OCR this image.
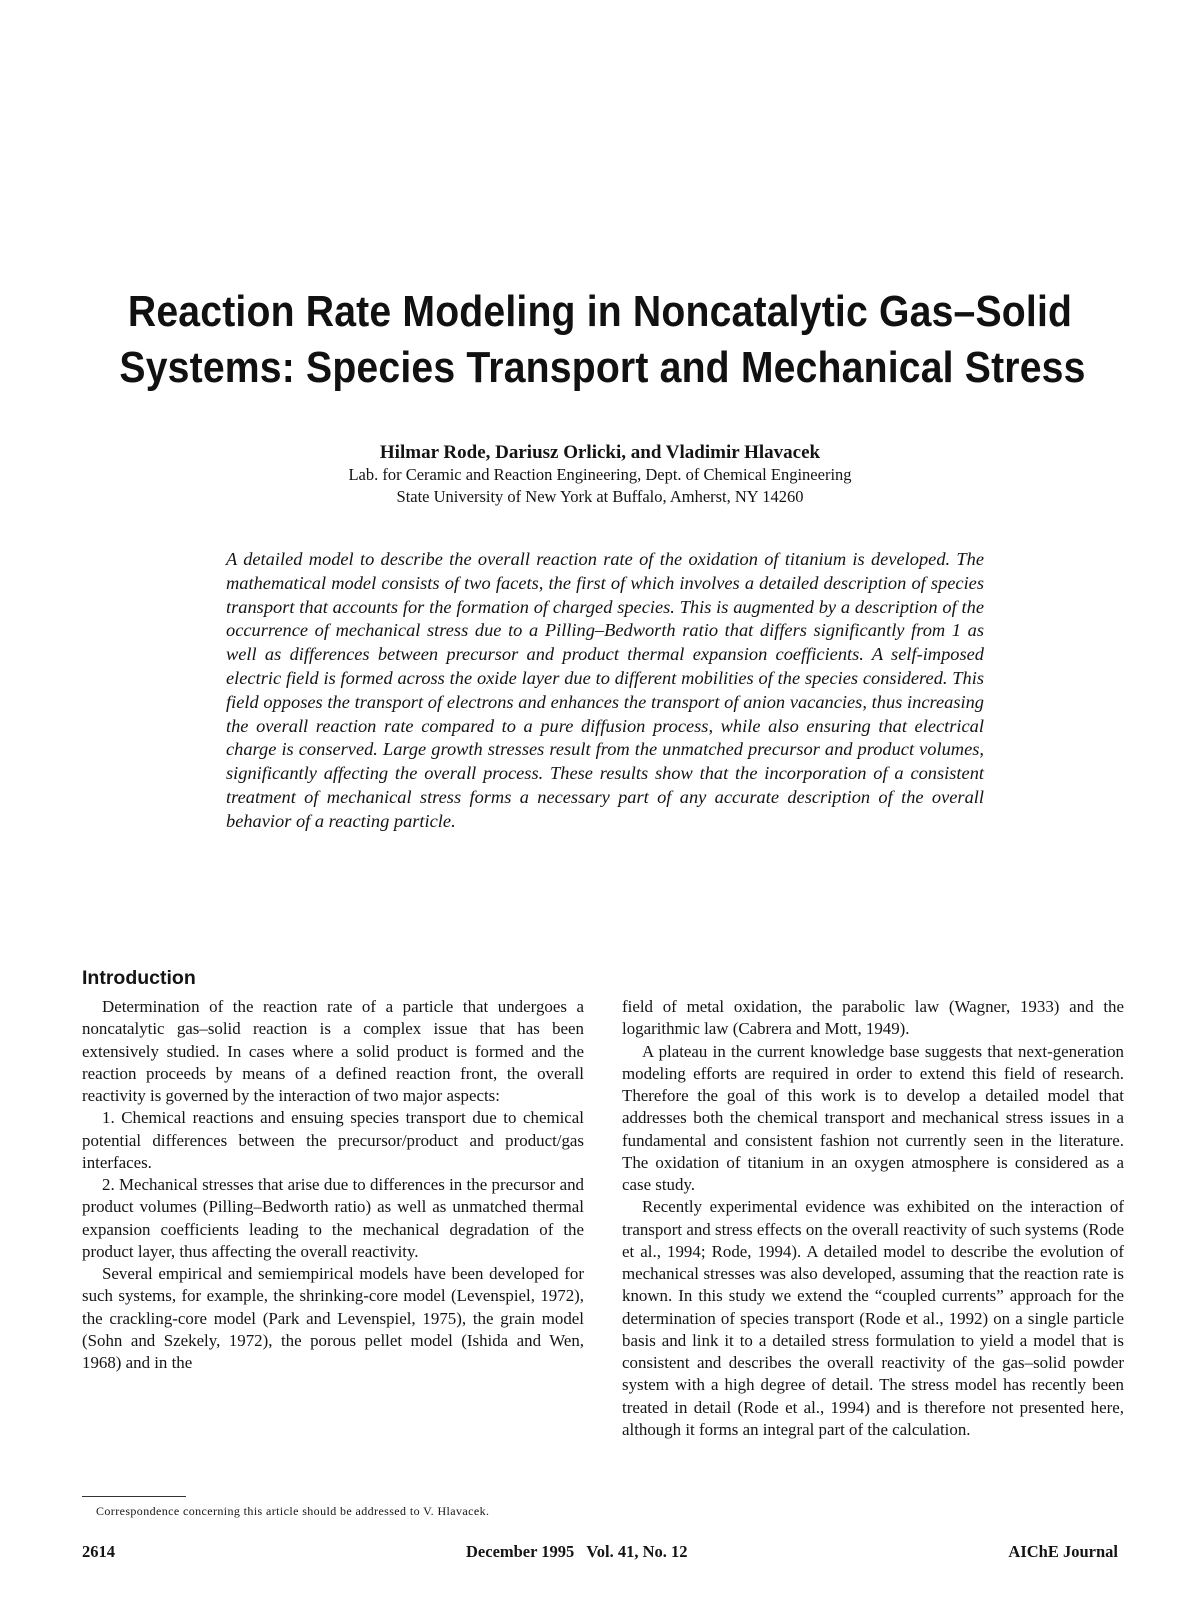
Reaction Rate Modeling in Noncatalytic Gas–Solid
Systems: Species Transport and Mechanical Stress

Hilmar Rode, Dariusz Orlicki, and Vladimir Hlavacek

Lab. for Ceramic and Reaction Engineering, Dept. of Chemical Engineering
State University of New York at Buffalo, Amherst, NY 14260

A detailed model to describe the overall reaction rate of the oxidation of titanium is developed. The mathematical model consists of two facets, the first of which involves a detailed description of species transport that accounts for the formation of charged species. This is augmented by a description of the occurrence of mechanical stress due to a Pilling–Bedworth ratio that differs significantly from 1 as well as differences between precursor and product thermal expansion coefficients. A self-imposed electric field is formed across the oxide layer due to different mobilities of the species considered. This field opposes the transport of electrons and enhances the transport of anion vacancies, thus increasing the overall reaction rate compared to a pure diffusion process, while also ensuring that electrical charge is conserved. Large growth stresses result from the unmatched precursor and product volumes, significantly affecting the overall process. These results show that the incorporation of a consistent treatment of mechanical stress forms a necessary part of any accurate description of the overall behavior of a reacting particle.

Introduction

Determination of the reaction rate of a particle that undergoes a noncatalytic gas–solid reaction is a complex issue that has been extensively studied. In cases where a solid product is formed and the reaction proceeds by means of a defined reaction front, the overall reactivity is governed by the interaction of two major aspects:

1. Chemical reactions and ensuing species transport due to chemical potential differences between the precursor/product and product/gas interfaces.

2. Mechanical stresses that arise due to differences in the precursor and product volumes (Pilling–Bedworth ratio) as well as unmatched thermal expansion coefficients leading to the mechanical degradation of the product layer, thus affecting the overall reactivity.

Several empirical and semiempirical models have been developed for such systems, for example, the shrinking-core model (Levenspiel, 1972), the crackling-core model (Park and Levenspiel, 1975), the grain model (Sohn and Szekely, 1972), the porous pellet model (Ishida and Wen, 1968) and in the

field of metal oxidation, the parabolic law (Wagner, 1933) and the logarithmic law (Cabrera and Mott, 1949).

A plateau in the current knowledge base suggests that next-generation modeling efforts are required in order to extend this field of research. Therefore the goal of this work is to develop a detailed model that addresses both the chemical transport and mechanical stress issues in a fundamental and consistent fashion not currently seen in the literature. The oxidation of titanium in an oxygen atmosphere is considered as a case study.

Recently experimental evidence was exhibited on the interaction of transport and stress effects on the overall reactivity of such systems (Rode et al., 1994; Rode, 1994). A detailed model to describe the evolution of mechanical stresses was also developed, assuming that the reaction rate is known. In this study we extend the “coupled currents” approach for the determination of species transport (Rode et al., 1992) on a single particle basis and link it to a detailed stress formulation to yield a model that is consistent and describes the overall reactivity of the gas–solid powder system with a high degree of detail. The stress model has recently been treated in detail (Rode et al., 1994) and is therefore not presented here, although it forms an integral part of the calculation.

Correspondence concerning this article should be addressed to V. Hlavacek.

2614	December 1995   Vol. 41, No. 12	AIChE Journal
